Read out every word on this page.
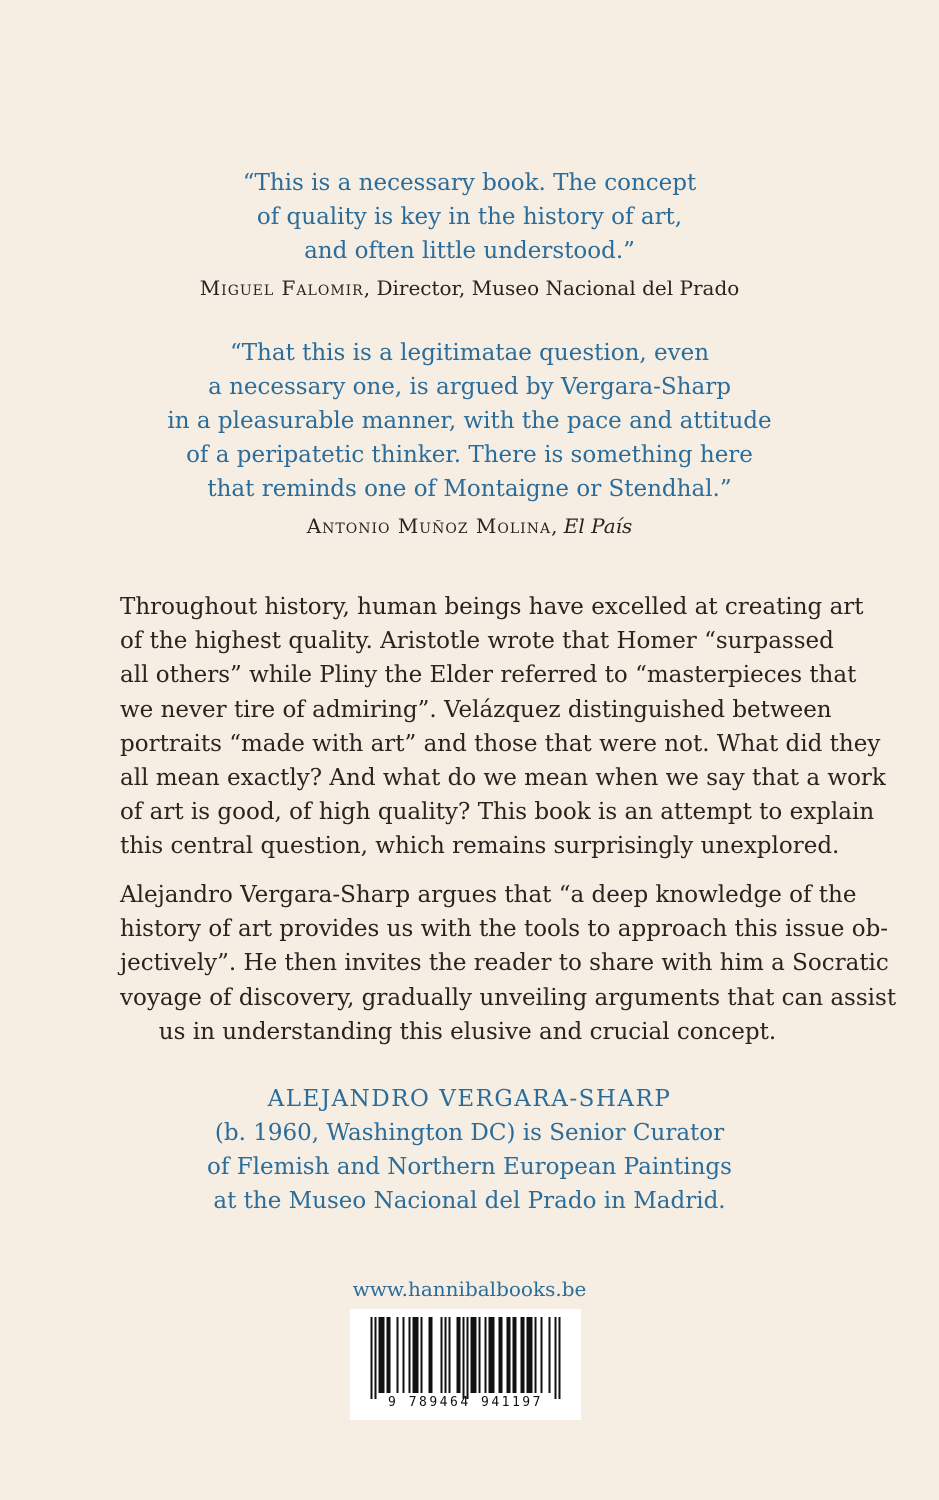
“This is a necessary book. The concept
of quality is key in the history of art,
and often little understood.”
Miguel Falomir, Director, Museo Nacional del Prado
“That this is a legitimatae question, even
a necessary one, is argued by Vergara-Sharp
in a pleasurable manner, with the pace and attitude
of a peripatetic thinker. There is something here
that reminds one of Montaigne or Stendhal.”
Antonio Muñoz Molina, El País
Throughout history, human beings have excelled at creating art
of the highest quality. Aristotle wrote that Homer “surpassed
all others” while Pliny the Elder referred to “masterpieces that
we never tire of admiring”. Velázquez distinguished between
portraits “made with art” and those that were not. What did they
all mean exactly? And what do we mean when we say that a work
of art is good, of high quality? This book is an attempt to explain
this central question, which remains surprisingly unexplored.
Alejandro Vergara-Sharp argues that “a deep knowledge of the
history of art provides us with the tools to approach this issue ob-
jectively”. He then invites the reader to share with him a Socratic
voyage of discovery, gradually unveiling arguments that can assist
us in understanding this elusive and crucial concept.
ALEJANDRO VERGARA-SHARP
(b. 1960, Washington DC) is Senior Curator
of Flemish and Northern European Paintings
at the Museo Nacional del Prado in Madrid.
www.hannibalbooks.be
9 789464 941197
